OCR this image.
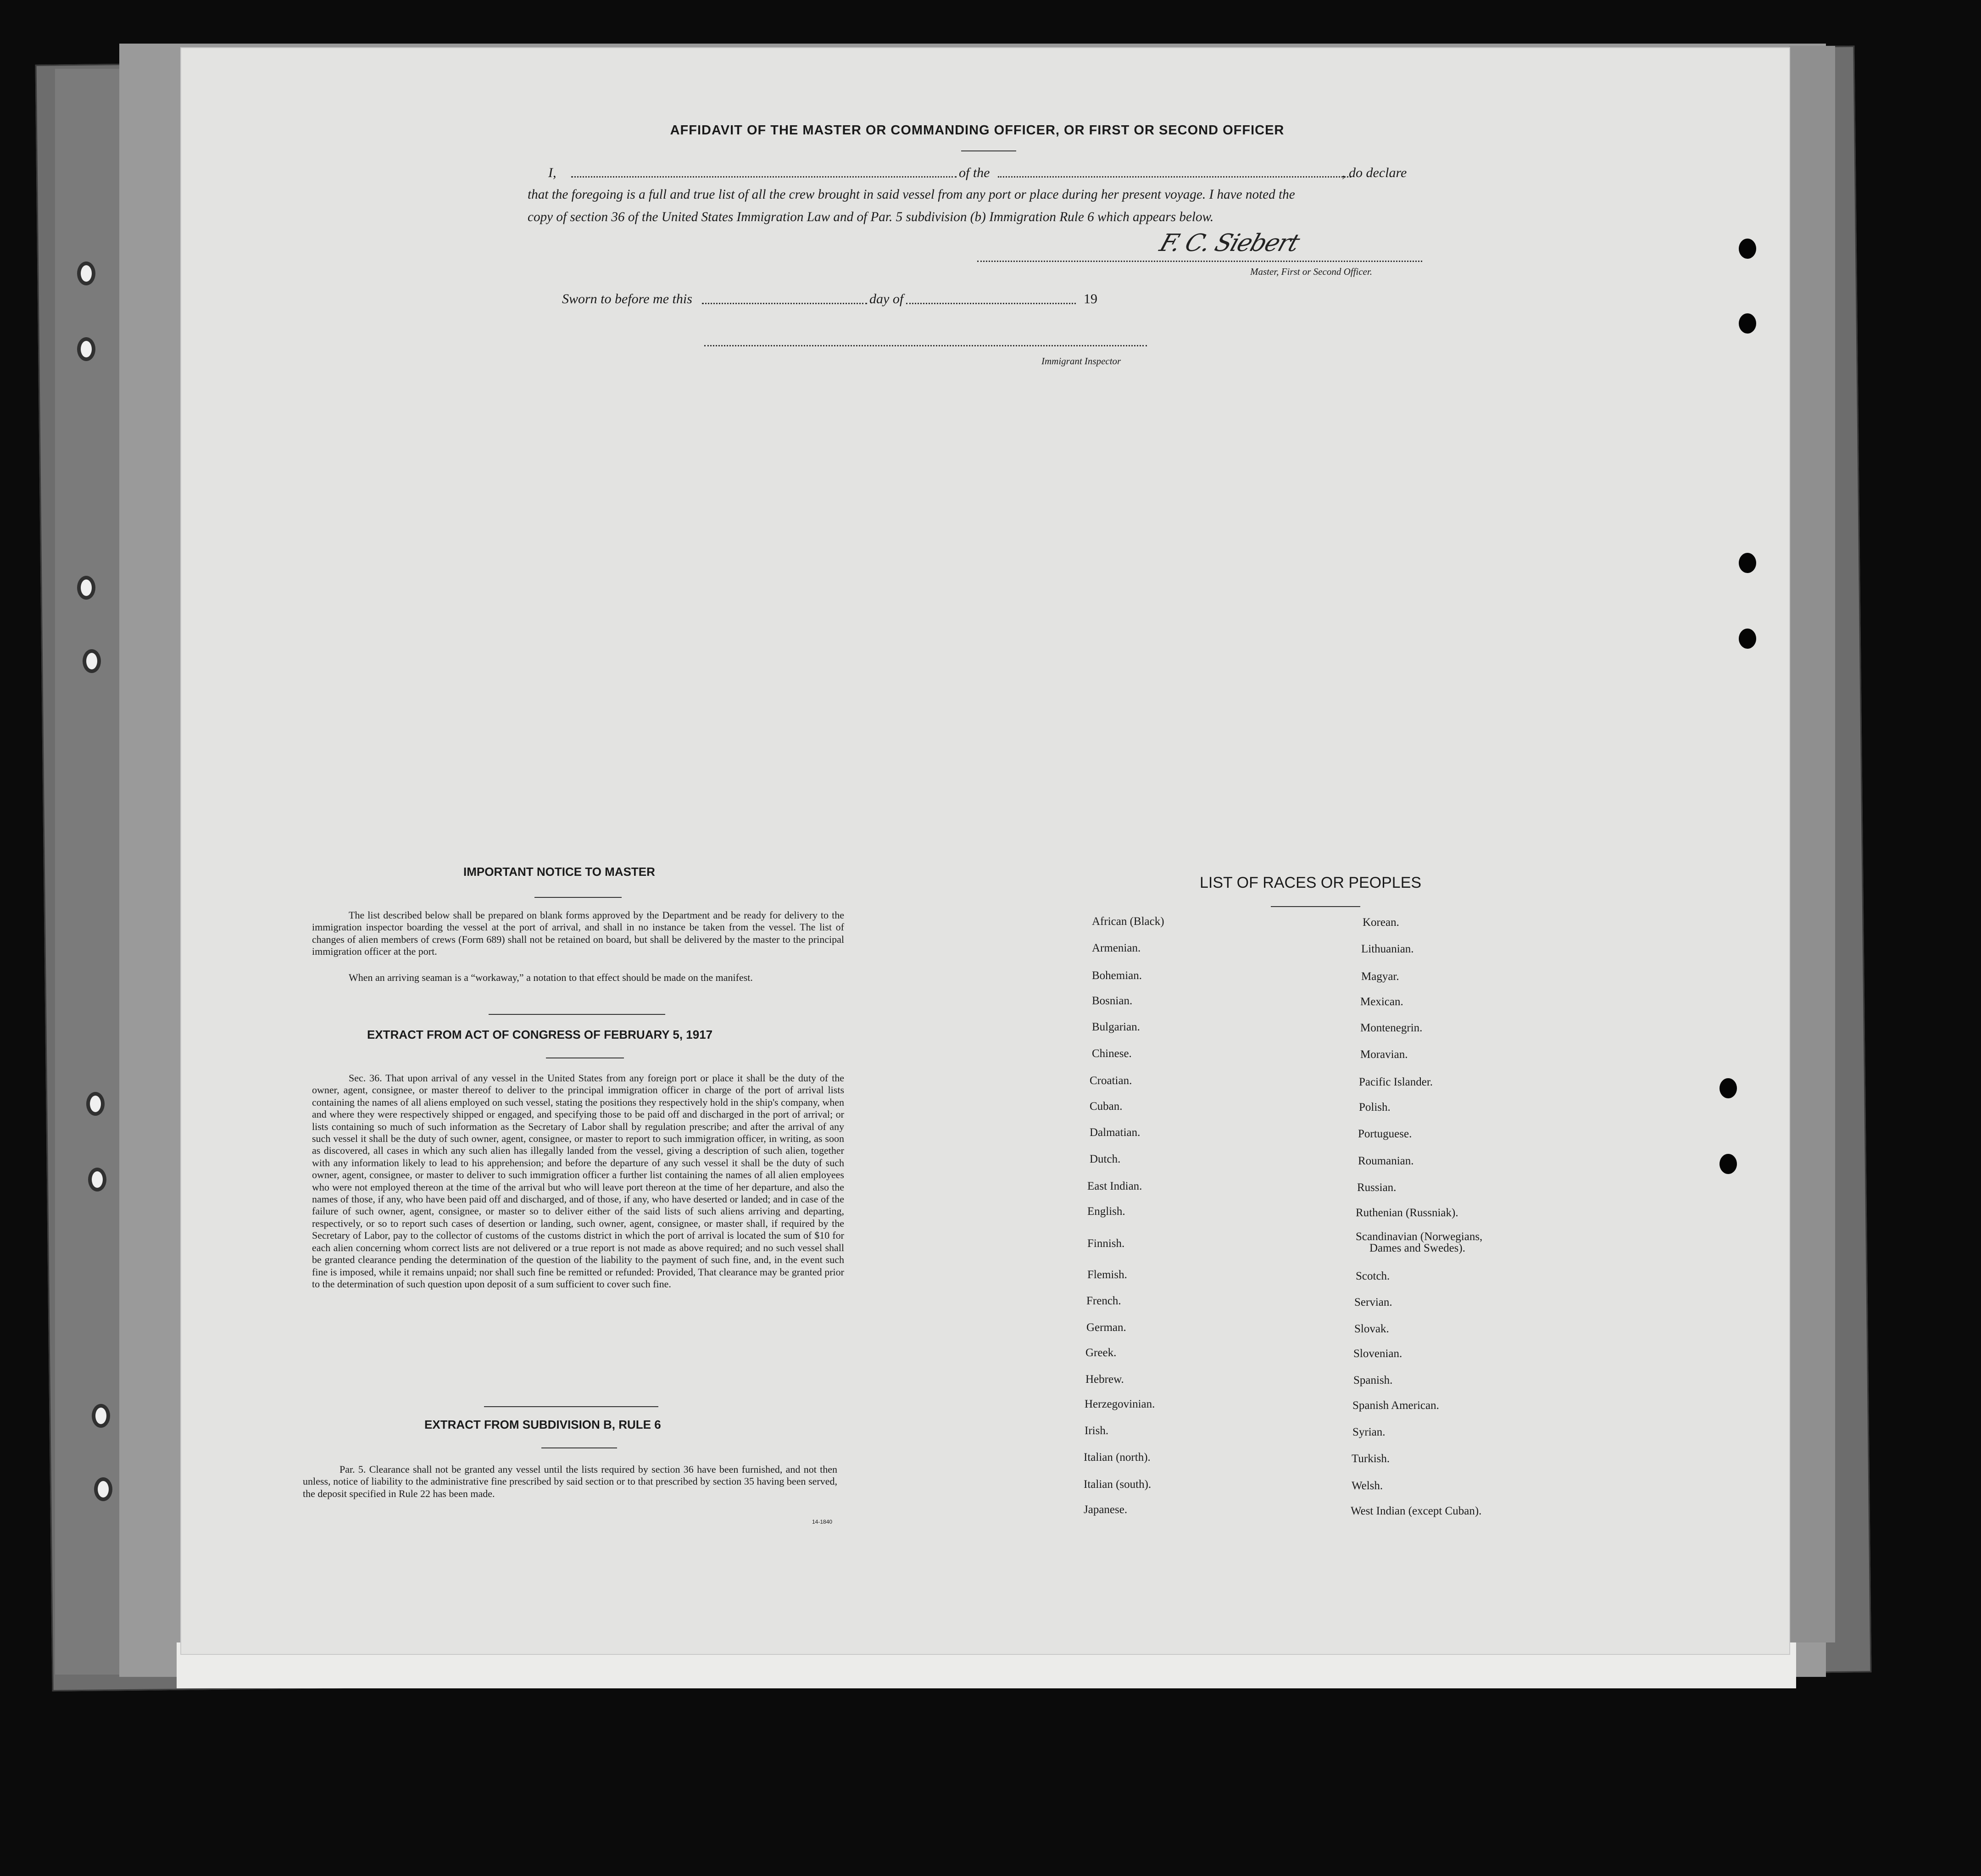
AFFIDAVIT OF THE MASTER OR COMMANDING OFFICER, OR FIRST OR SECOND OFFICER
I,	of the	, do declare
that the foregoing is a full and true list of all the crew brought in said vessel from any port or place during her present voyage. I have noted the
copy of section 36 of the United States Immigration Law and of Par. 5 subdivision (b) Immigration Rule 6 which appears below.
F. C. Siebert
Master, First or Second Officer.
Sworn to before me this	day of	19
Immigrant Inspector
IMPORTANT NOTICE TO MASTER

The list described below shall be prepared on blank forms approved by the Department and be ready for delivery to the immigration inspector boarding the vessel at the port of arrival, and shall in no instance be taken from the vessel. The list of changes of alien members of crews (Form 689) shall not be retained on board, but shall be delivered by the master to the principal immigration officer at the port.

When an arriving seaman is a “workaway,” a notation to that effect should be made on the manifest.

EXTRACT FROM ACT OF CONGRESS OF FEBRUARY 5, 1917

Sec. 36. That upon arrival of any vessel in the United States from any foreign port or place it shall be the duty of the owner, agent, consignee, or master thereof to deliver to the principal immigration officer in charge of the port of arrival lists containing the names of all aliens employed on such vessel, stating the positions they respectively hold in the ship's company, when and where they were respectively shipped or engaged, and specifying those to be paid off and discharged in the port of arrival; or lists containing so much of such information as the Secretary of Labor shall by regulation prescribe; and after the arrival of any such vessel it shall be the duty of such owner, agent, consignee, or master to report to such immigration officer, in writing, as soon as discovered, all cases in which any such alien has illegally landed from the vessel, giving a description of such alien, together with any information likely to lead to his apprehension; and before the departure of any such vessel it shall be the duty of such owner, agent, consignee, or master to deliver to such immigration officer a further list containing the names of all alien employees who were not employed thereon at the time of the arrival but who will leave port thereon at the time of her departure, and also the names of those, if any, who have been paid off and discharged, and of those, if any, who have deserted or landed; and in case of the failure of such owner, agent, consignee, or master so to deliver either of the said lists of such aliens arriving and departing, respectively, or so to report such cases of desertion or landing, such owner, agent, consignee, or master shall, if required by the Secretary of Labor, pay to the collector of customs of the customs district in which the port of arrival is located the sum of $10 for each alien concerning whom correct lists are not delivered or a true report is not made as above required; and no such vessel shall be granted clearance pending the determination of the question of the liability to the payment of such fine, and, in the event such fine is imposed, while it remains unpaid; nor shall such fine be remitted or refunded: Provided, That clearance may be granted prior to the determination of such question upon deposit of a sum sufficient to cover such fine.

EXTRACT FROM SUBDIVISION B, RULE 6

Par. 5. Clearance shall not be granted any vessel until the lists required by section 36 have been furnished, and not then unless, notice of liability to the administrative fine prescribed by said section or to that prescribed by section 35 having been served, the deposit specified in Rule 22 has been made.

14-1840
LIST OF RACES OR PEOPLES
African (Black)
Armenian.
Bohemian.
Bosnian.
Bulgarian.
Chinese.
Croatian.
Cuban.
Dalmatian.
Dutch.
East Indian.
English.
Finnish.
Flemish.
French.
German.
Greek.
Hebrew.
Herzegovinian.
Irish.
Italian (north).
Italian (south).
Japanese.
Korean.
Lithuanian.
Magyar.
Mexican.
Montenegrin.
Moravian.
Pacific Islander.
Polish.
Portuguese.
Roumanian.
Russian.
Ruthenian (Russniak).
Scandinavian (Norwegians,
Dames and Swedes).
Scotch.
Servian.
Slovak.
Slovenian.
Spanish.
Spanish American.
Syrian.
Turkish.
Welsh.
West Indian (except Cuban).
